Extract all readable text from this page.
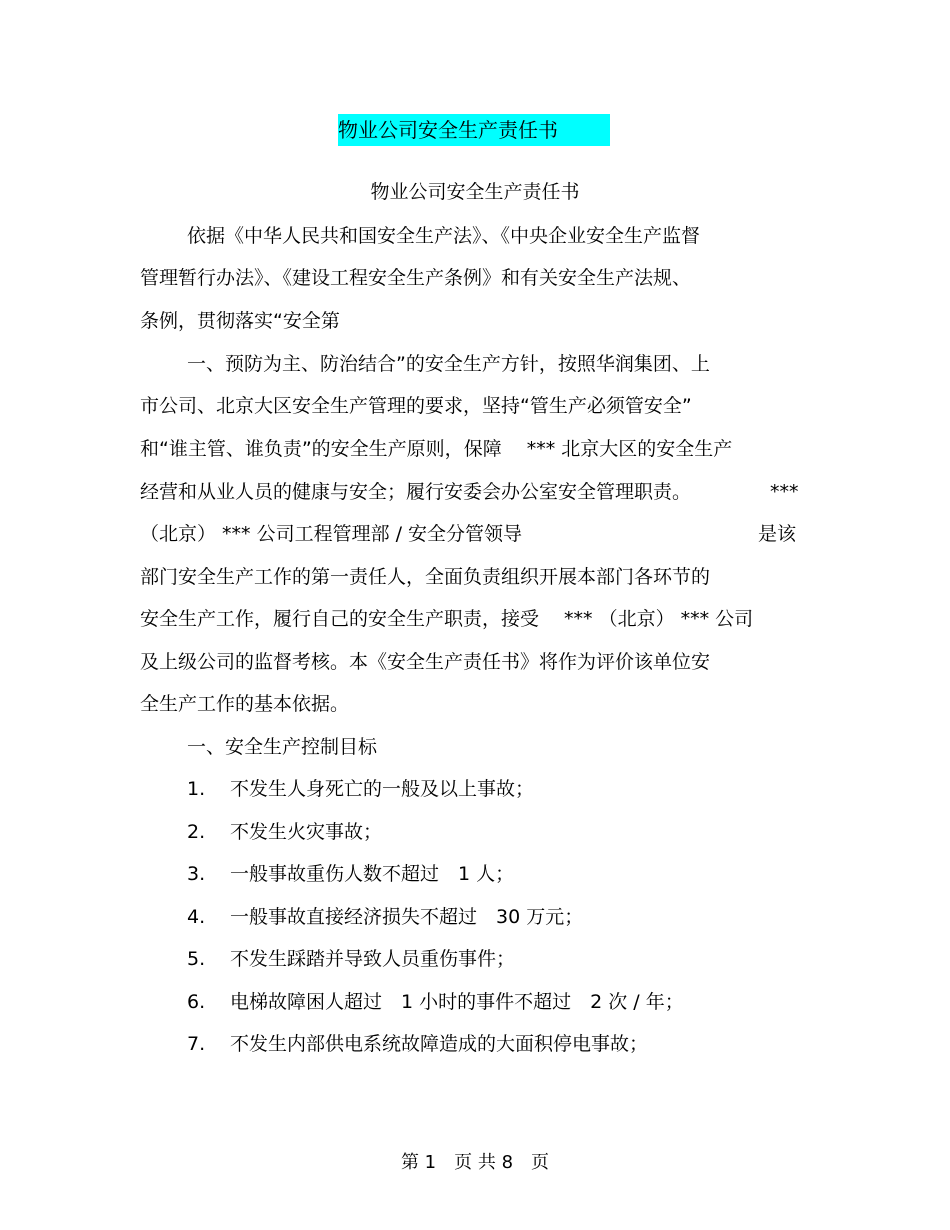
物业公司安全生产责任书
物业公司安全生产责任书
依据《中华人民共和国安全生产法》、《中央企业安全生产监督
管理暂行办法》、《建设工程安全生产条例》和有关安全生产法规、
条例，贯彻落实“安全第
一、预防为主、防治结合”的安全生产方针，按照华润集团、上
市公司、北京大区安全生产管理的要求，坚持“管生产必须管安全”
和“谁主管、谁负责”的安全生产原则，保障　 *** 北京大区的安全生产
经营和从业人员的健康与安全；履行安委会办公室安全管理职责。	***
（北京） *** 公司工程管理部 / 安全分管领导	是该
部门安全生产工作的第一责任人，全面负责组织开展本部门各环节的
安全生产工作，履行自己的安全生产职责，接受　 *** （北京） *** 公司
及上级公司的监督考核。本《安全生产责任书》将作为评价该单位安
全生产工作的基本依据。
一、安全生产控制目标
1. 不发生人身死亡的一般及以上事故；
2. 不发生火灾事故；
3. 一般事故重伤人数不超过　1 人；
4. 一般事故直接经济损失不超过　30 万元；
5. 不发生踩踏并导致人员重伤事件；
6. 电梯故障困人超过　1 小时的事件不超过　2 次 / 年；
7. 不发生内部供电系统故障造成的大面积停电事故；
第 1　页 共 8　页
